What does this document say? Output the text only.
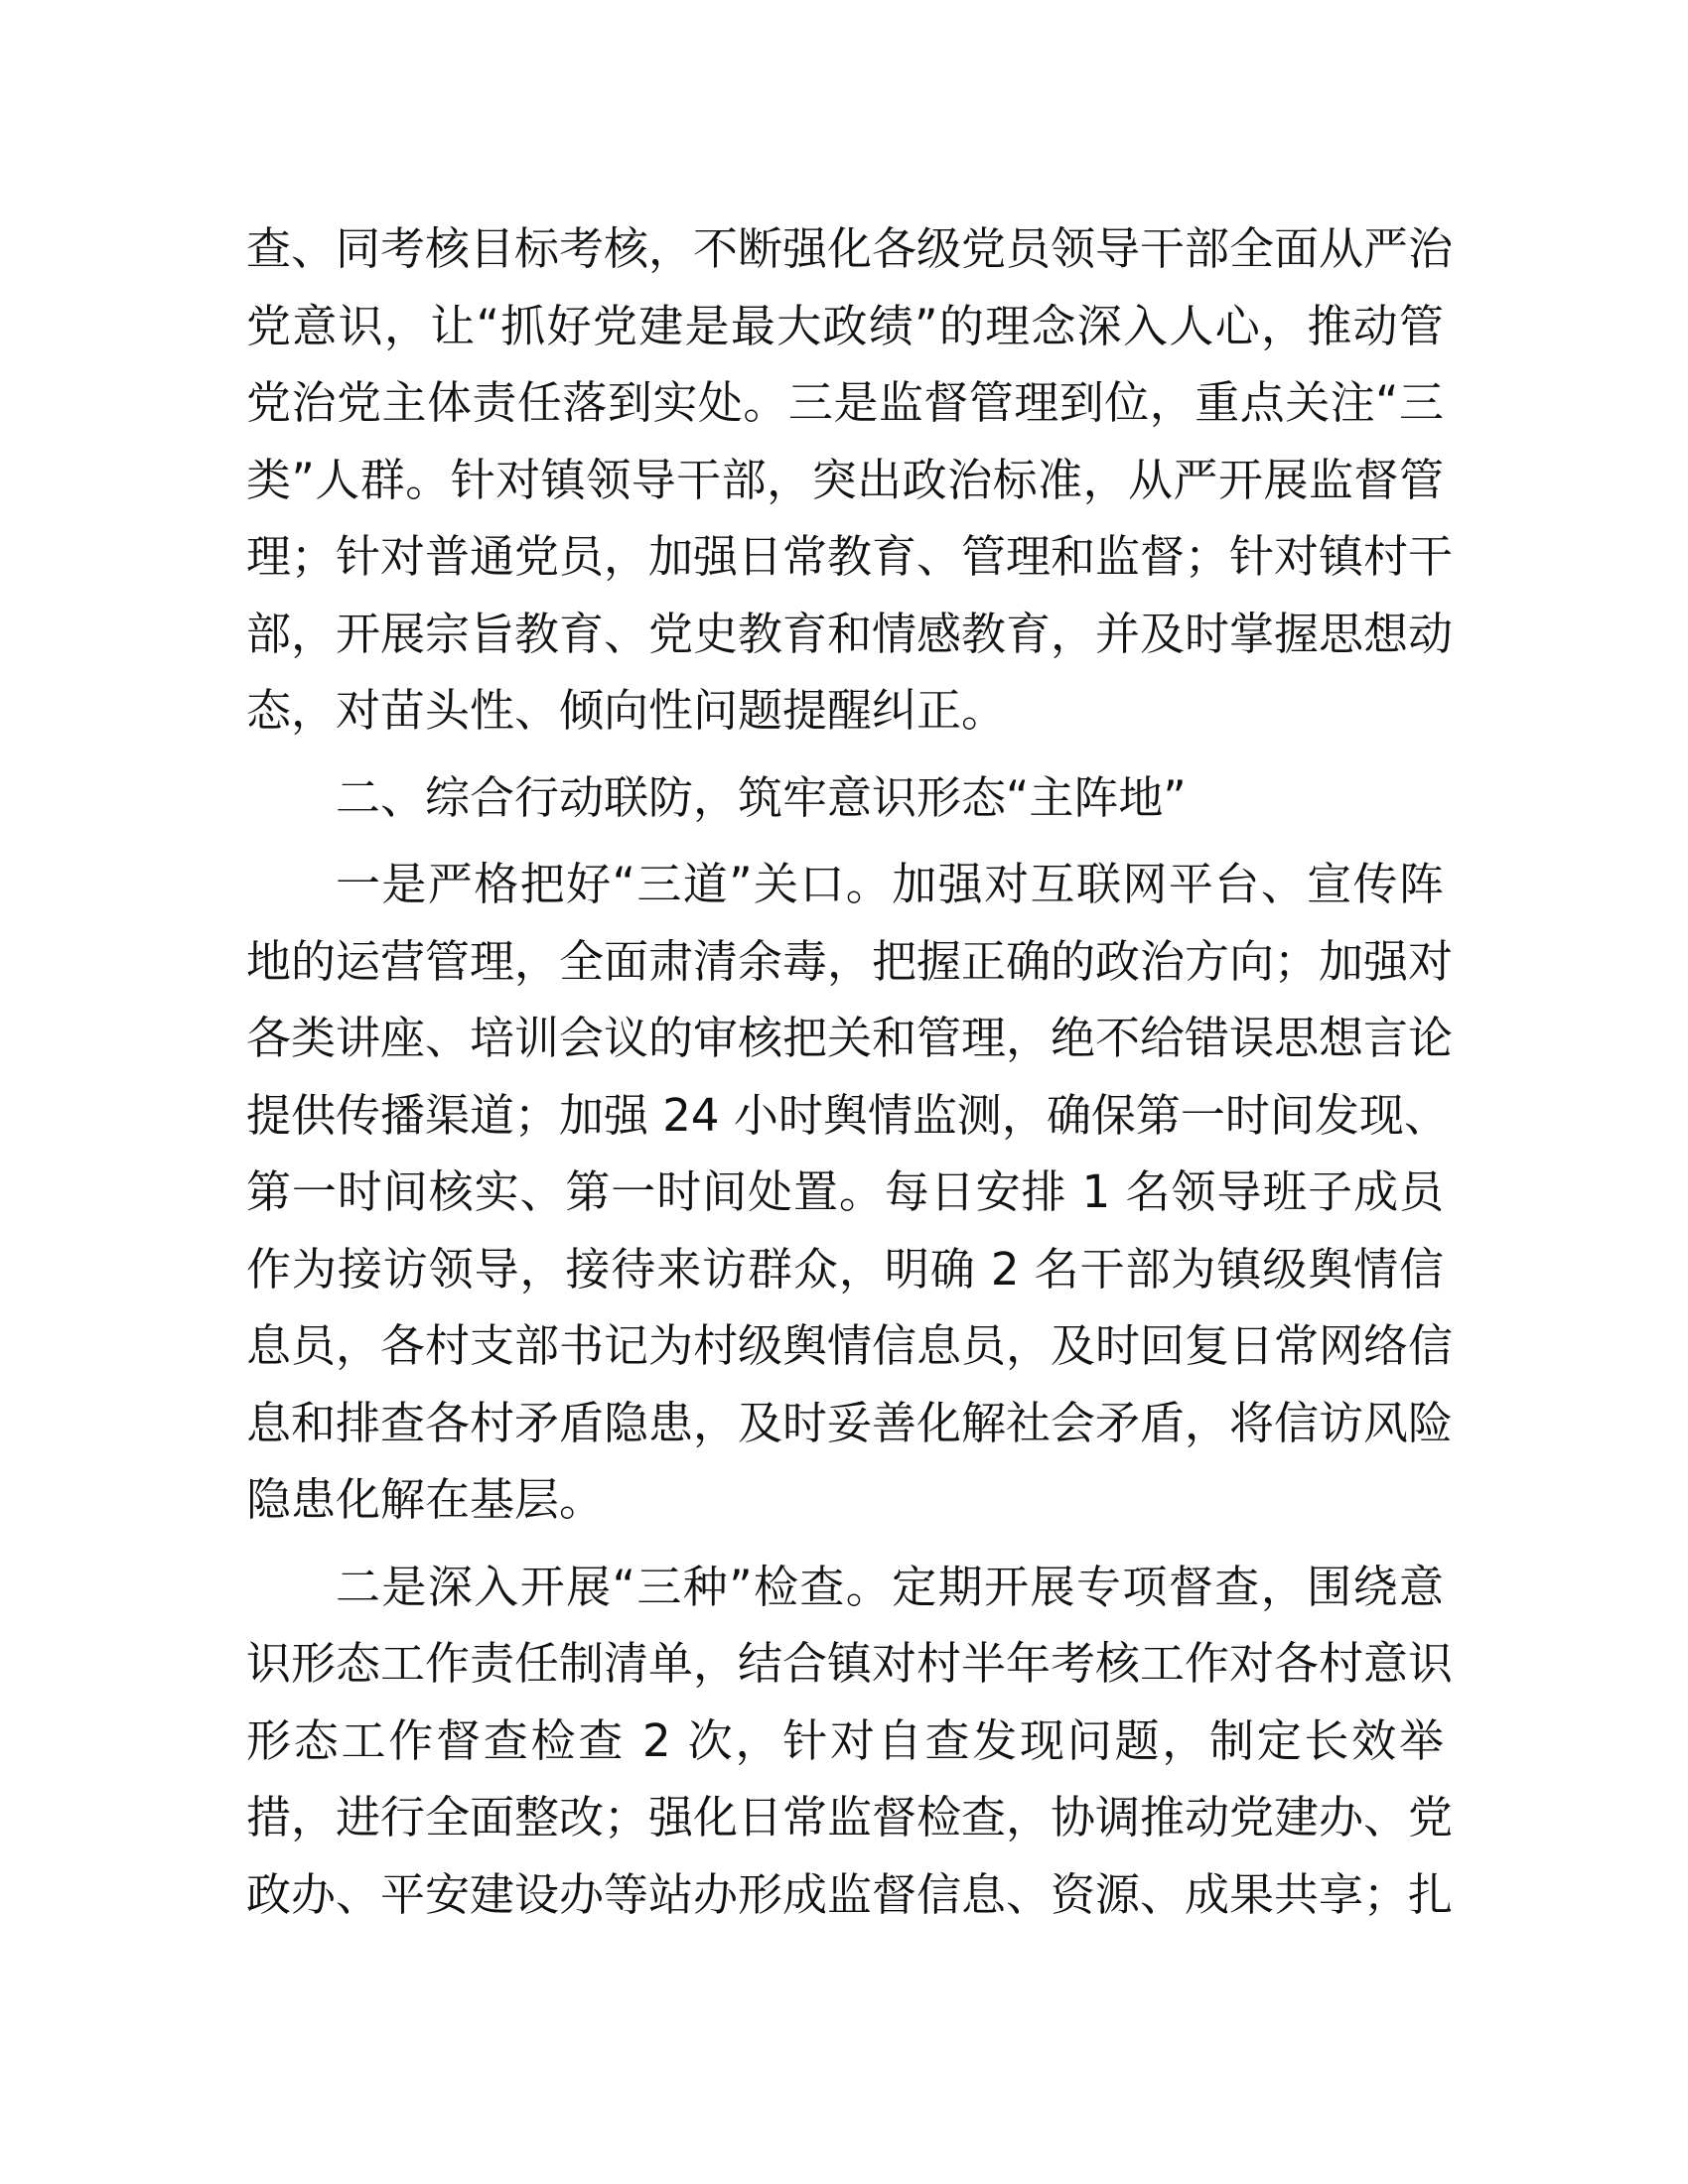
查、同考核目标考核，不断强化各级党员领导干部全面从严治
党意识，让“抓好党建是最大政绩”的理念深入人心，推动管
党治党主体责任落到实处。三是监督管理到位，重点关注“三
类”人群。针对镇领导干部，突出政治标准，从严开展监督管
理；针对普通党员，加强日常教育、管理和监督；针对镇村干
部，开展宗旨教育、党史教育和情感教育，并及时掌握思想动
态，对苗头性、倾向性问题提醒纠正。
二、综合行动联防，筑牢意识形态“主阵地”
一是严格把好“三道”关口。加强对互联网平台、宣传阵
地的运营管理，全面肃清余毒，把握正确的政治方向；加强对
各类讲座、培训会议的审核把关和管理，绝不给错误思想言论
提供传播渠道；加强 24 小时舆情监测，确保第一时间发现、
第一时间核实、第一时间处置。每日安排 1 名领导班子成员
作为接访领导，接待来访群众，明确 2 名干部为镇级舆情信
息员，各村支部书记为村级舆情信息员，及时回复日常网络信
息和排查各村矛盾隐患，及时妥善化解社会矛盾，将信访风险
隐患化解在基层。
二是深入开展“三种”检查。定期开展专项督查，围绕意
识形态工作责任制清单，结合镇对村半年考核工作对各村意识
形态工作督查检查 2 次，针对自查发现问题，制定长效举
措，进行全面整改；强化日常监督检查，协调推动党建办、党
政办、平安建设办等站办形成监督信息、资源、成果共享；扎
